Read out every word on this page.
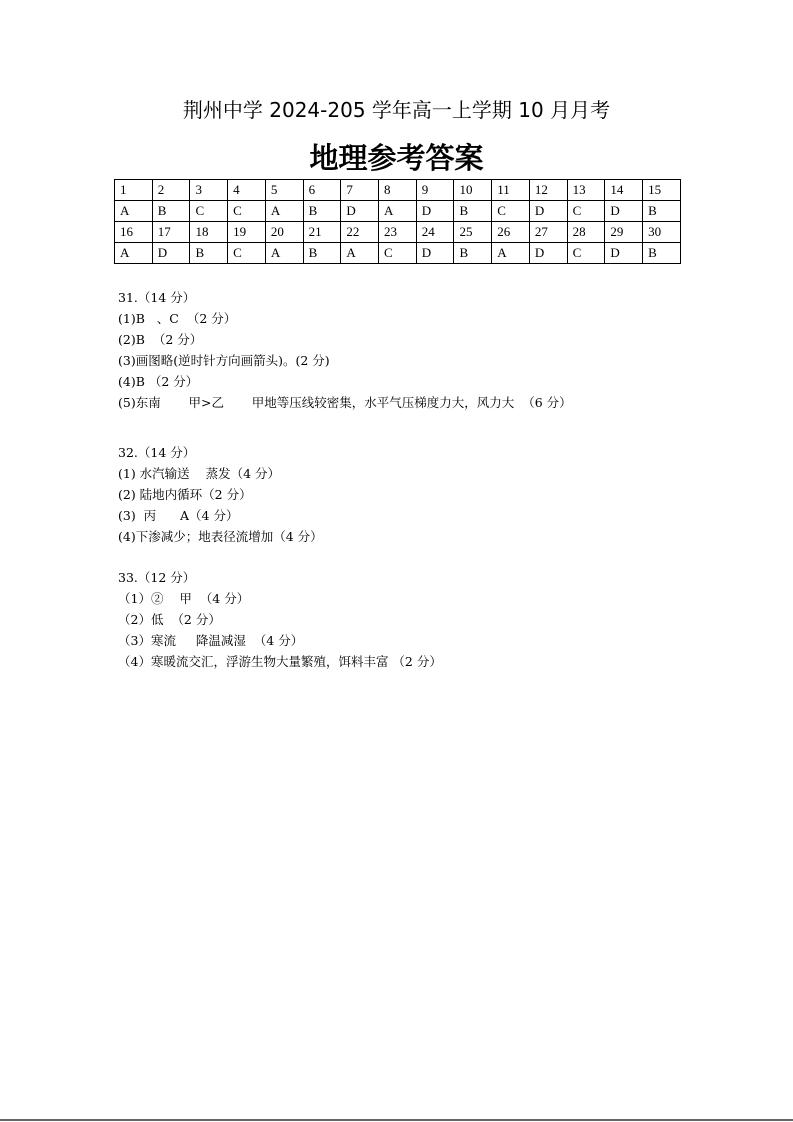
荆州中学 2024-205 学年高一上学期 10 月月考
地理参考答案
1	2	3	4	5	6	7	8	9	10	11	12	13	14	15
A	B	C	C	A	B	D	A	D	B	C	D	C	D	B
16	17	18	19	20	21	22	23	24	25	26	27	28	29	30
A	D	B	C	A	B	A	C	D	B	A	D	C	D	B
31.（14 分）
(1)B   、C  （2 分）
(2)B  （2 分）
(3)画图略(逆时针方向画箭头)。(2 分)
(4)B （2 分）
(5)东南       甲>乙       甲地等压线较密集，水平气压梯度力大，风力大  （6 分）
32.（14 分）
(1) 水汽输送    蒸发（4 分）
(2) 陆地内循环（2 分）
(3)  丙      A（4 分）
(4)下渗减少；地表径流增加（4 分）
33.（12 分）
（1）②    甲  （4 分）
（2）低  （2 分）
（3）寒流     降温减湿  （4 分）
（4）寒暖流交汇，浮游生物大量繁殖，饵料丰富 （2 分）
